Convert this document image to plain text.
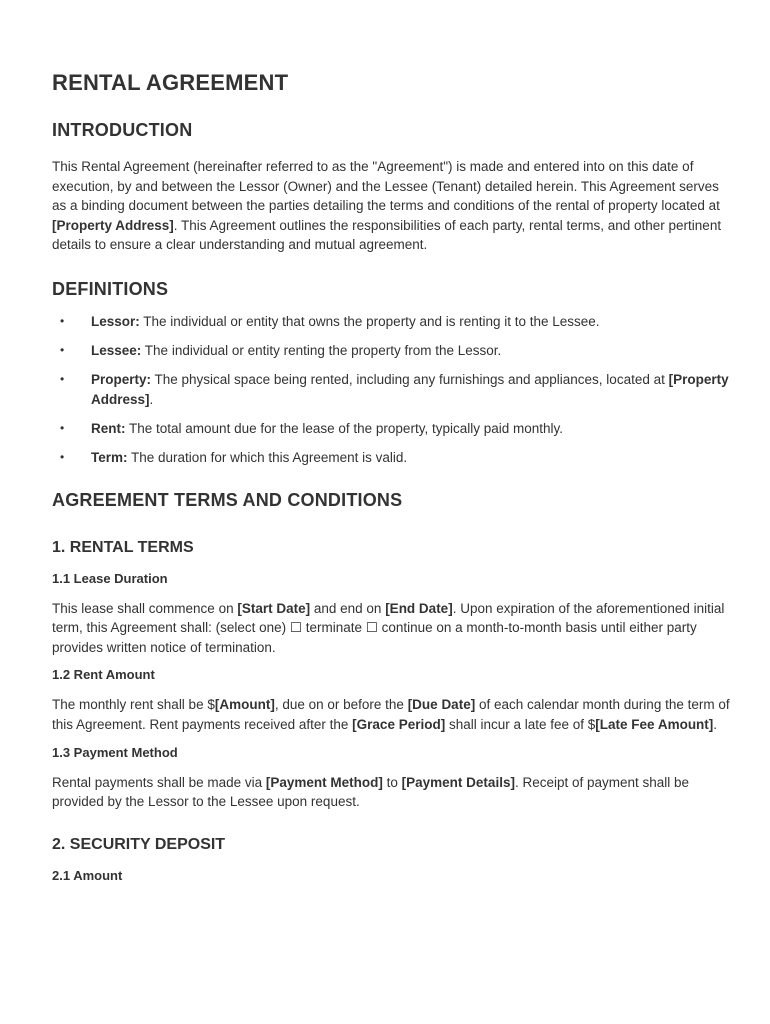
RENTAL AGREEMENT
INTRODUCTION

This Rental Agreement (hereinafter referred to as the "Agreement") is made and entered into on this date of execution, by and between the Lessor (Owner) and the Lessee (Tenant) detailed herein. This Agreement serves as a binding document between the parties detailing the terms and conditions of the rental of property located at [Property Address]. This Agreement outlines the responsibilities of each party, rental terms, and other pertinent details to ensure a clear understanding and mutual agreement.

DEFINITIONS
• Lessor: The individual or entity that owns the property and is renting it to the Lessee.
• Lessee: The individual or entity renting the property from the Lessor.
• Property: The physical space being rented, including any furnishings and appliances, located at [Property Address].
• Rent: The total amount due for the lease of the property, typically paid monthly.
• Term: The duration for which this Agreement is valid.
AGREEMENT TERMS AND CONDITIONS
1. RENTAL TERMS
1.1 Lease Duration

This lease shall commence on [Start Date] and end on [End Date]. Upon expiration of the aforementioned initial term, this Agreement shall: (select one) ☐ terminate ☐ continue on a month-to-month basis until either party provides written notice of termination.

1.2 Rent Amount

The monthly rent shall be $[Amount], due on or before the [Due Date] of each calendar month during the term of this Agreement. Rent payments received after the [Grace Period] shall incur a late fee of $[Late Fee Amount].

1.3 Payment Method

Rental payments shall be made via [Payment Method] to [Payment Details]. Receipt of payment shall be provided by the Lessor to the Lessee upon request.

2. SECURITY DEPOSIT
2.1 Amount
